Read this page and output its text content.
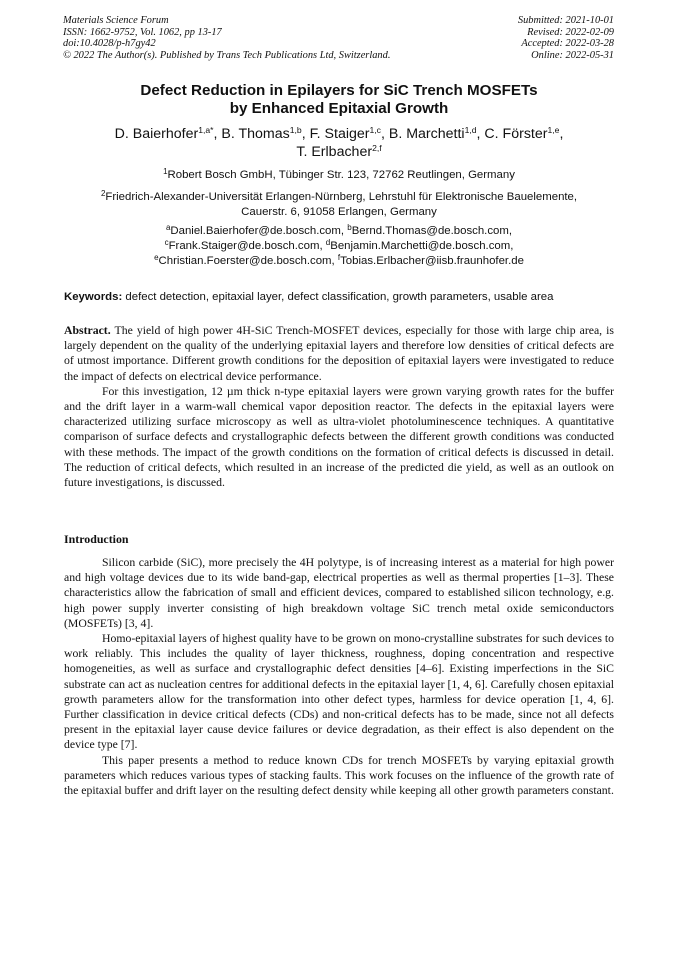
Materials Science Forum
ISSN: 1662-9752, Vol. 1062, pp 13-17
doi:10.4028/p-h7gy42
© 2022 The Author(s). Published by Trans Tech Publications Ltd, Switzerland.
Submitted: 2021-10-01
Revised: 2022-02-09
Accepted: 2022-03-28
Online: 2022-05-31
Defect Reduction in Epilayers for SiC Trench MOSFETs
by Enhanced Epitaxial Growth
D. Baierhofer$^{1,a*}$, B. Thomas$^{1,b}$, F. Staiger$^{1,c}$, B. Marchetti$^{1,d}$, C. Förster$^{1,e}$,
T. Erlbacher$^{2,f}$
$^1$Robert Bosch GmbH, Tübinger Str. 123, 72762 Reutlingen, Germany
$^2$Friedrich-Alexander-Universität Erlangen-Nürnberg, Lehrstuhl für Elektronische Bauelemente,
Cauerstr. 6, 91058 Erlangen, Germany
$^a$Daniel.Baierhofer@de.bosch.com, $^b$Bernd.Thomas@de.bosch.com,
$^c$Frank.Staiger@de.bosch.com, $^d$Benjamin.Marchetti@de.bosch.com,
$^e$Christian.Foerster@de.bosch.com, $^f$Tobias.Erlbacher@iisb.fraunhofer.de
Keywords: defect detection, epitaxial layer, defect classification, growth parameters, usable area

Abstract. The yield of high power 4H-SiC Trench-MOSFET devices, especially for those with large chip area, is largely dependent on the quality of the underlying epitaxial layers and therefore low densities of critical defects are of utmost importance. Different growth conditions for the deposition of epitaxial layers were investigated to reduce the impact of defects on electrical device performance.

For this investigation, 12 µm thick n-type epitaxial layers were grown varying growth rates for the buffer and the drift layer in a warm-wall chemical vapor deposition reactor. The defects in the epitaxial layers were characterized utilizing surface microscopy as well as ultra-violet photoluminescence techniques. A quantitative comparison of surface defects and crystallographic defects between the different growth conditions was conducted with these methods. The impact of the growth conditions on the formation of critical defects is discussed in detail. The reduction of critical defects, which resulted in an increase of the predicted die yield, as well as an outlook on future investigations, is discussed.

Introduction

Silicon carbide (SiC), more precisely the 4H polytype, is of increasing interest as a material for high power and high voltage devices due to its wide band-gap, electrical properties as well as thermal properties [1–3]. These characteristics allow the fabrication of small and efficient devices, compared to established silicon technology, e.g. high power supply inverter consisting of high breakdown voltage SiC trench metal oxide semiconductors (MOSFETs) [3, 4].

Homo-epitaxial layers of highest quality have to be grown on mono-crystalline substrates for such devices to work reliably. This includes the quality of layer thickness, roughness, doping concentration and respective homogeneities, as well as surface and crystallographic defect densities [4–6]. Existing imperfections in the SiC substrate can act as nucleation centres for additional defects in the epitaxial layer [1, 4, 6]. Carefully chosen epitaxial growth parameters allow for the transformation into other defect types, harmless for device operation [1, 4, 6]. Further classification in device critical defects (CDs) and non-critical defects has to be made, since not all defects present in the epitaxial layer cause device failures or device degradation, as their effect is also dependent on the device type [7].

This paper presents a method to reduce known CDs for trench MOSFETs by varying epitaxial growth parameters which reduces various types of stacking faults. This work focuses on the influence of the growth rate of the epitaxial buffer and drift layer on the resulting defect density while keeping all other growth parameters constant.
